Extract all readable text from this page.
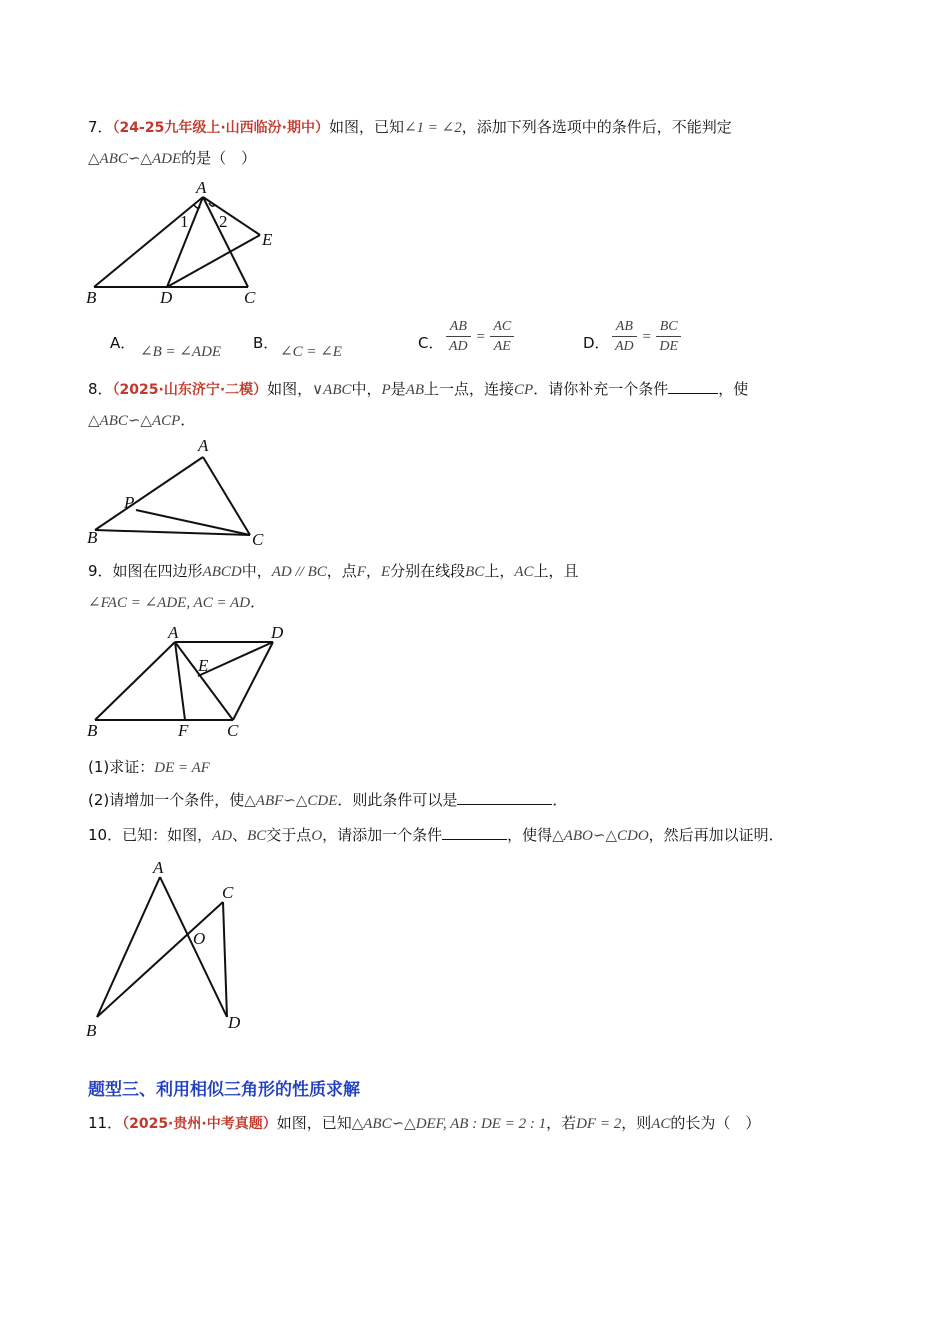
7．（24-25九年级上·山西临汾·期中）如图，已知∠1 = ∠2，添加下列各选项中的条件后，不能判定
△ABC∽△ADE的是（　）
A
B	C
D
E
1 2
A． ∠B = ∠ADE B． ∠C = ∠E	C． $\frac{AB}{AD} = \frac{AC}{AE}$	D． $\frac{AB}{AD} = \frac{BC}{DE}$
8．（2025·山东济宁·二模）如图，∨ABC中，P是AB上一点，连接CP．请你补充一个条件	，使
△ABC∽△ACP．
A
B	C
P
9．如图在四边形ABCD中，AD // BC，点F，E分别在线段BC上，AC上，且
∠FAC = ∠ADE, AC = AD．
A	D
B	C
F
E
(1)求证：DE = AF
(2)请增加一个条件，使△ABF∽△CDE．则此条件可以是	．
10．已知：如图，AD、BC交于点O，请添加一个条件	，使得△ABO∽△CDO，然后再加以证明．
A
C
O
B	D
题型三、利用相似三角形的性质求解
11．（2025·贵州·中考真题）如图，已知△ABC∽△DEF, AB : DE = 2 : 1，若DF = 2，则AC的长为（　）
